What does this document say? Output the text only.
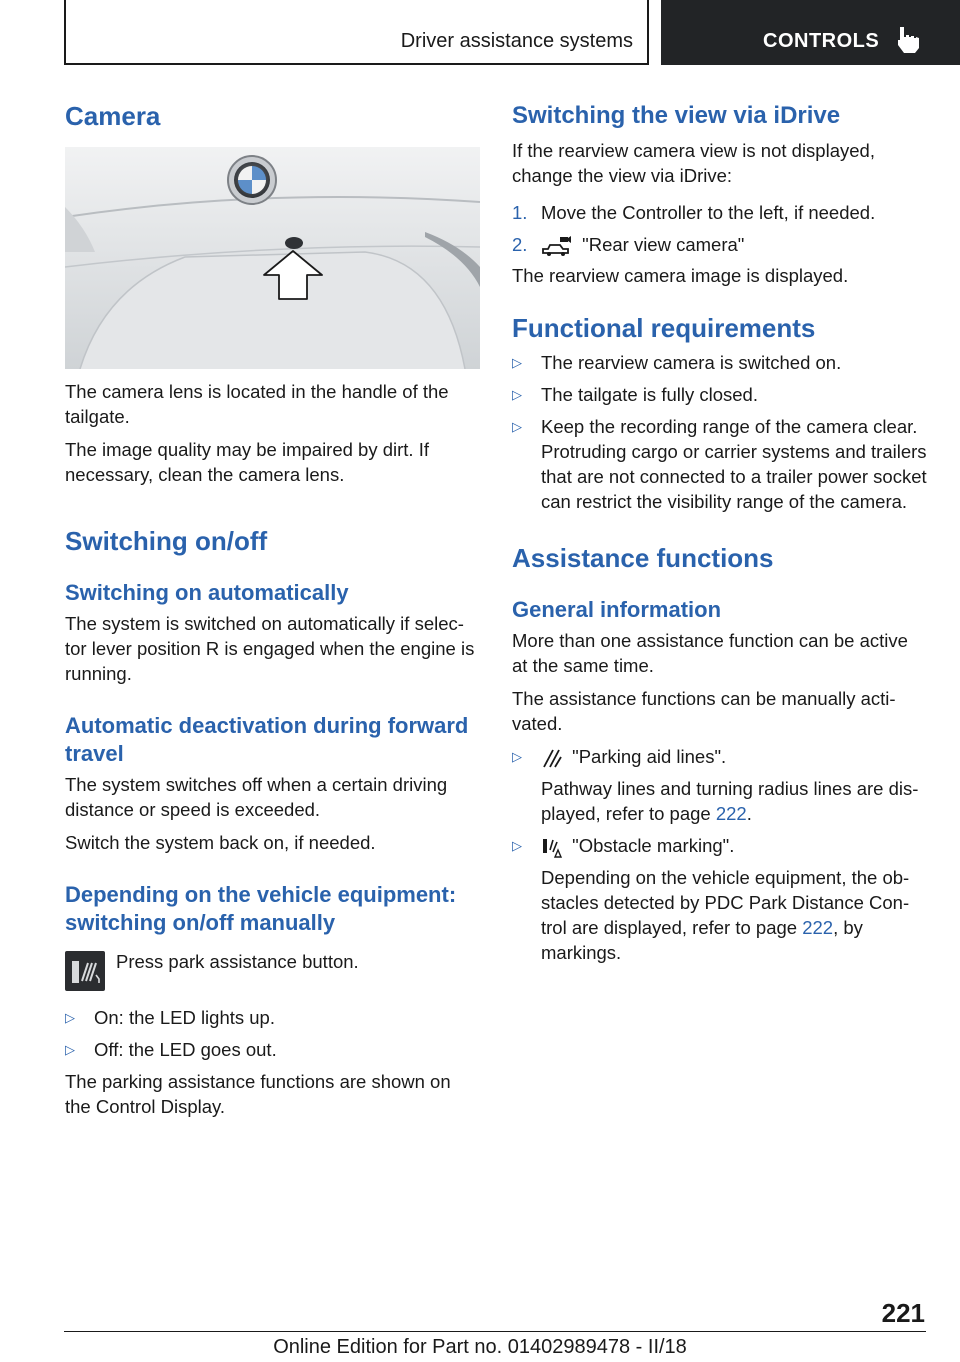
Driver assistance systems	CONTROLS
Camera

The camera lens is located in the handle of the tailgate.

The image quality may be impaired by dirt. If necessary, clean the camera lens.

Switching on/off
Switching on automatically

The system is switched on automatically if selec‐ tor lever position R is engaged when the engine is running.

Automatic deactivation during forward travel

The system switches off when a certain driving distance or speed is exceeded.

Switch the system back on, if needed.

Depending on the vehicle equipment: switching on/off manually
Press park assistance button.
▷ On: the LED lights up.
▷ Off: the LED goes out.

The parking assistance functions are shown on the Control Display.

Switching the view via iDrive

If the rearview camera view is not displayed, change the view via iDrive:

1. Move the Controller to the left, if needed.
2.	"Rear view camera"

The rearview camera image is displayed.

Functional requirements
▷ The rearview camera is switched on.
▷ The tailgate is fully closed.
▷ Keep the recording range of the camera clear. Protruding cargo or carrier systems and trailers that are not connected to a trailer power socket can restrict the visibility range of the camera.
Assistance functions
General information

More than one assistance function can be active at the same time.

The assistance functions can be manually acti‐ vated.

▷	"Parking aid lines".
Pathway lines and turning radius lines are dis‐ played, refer to page 222.
▷	"Obstacle marking".
Depending on the vehicle equipment, the ob‐ stacles detected by PDC Park Distance Con‐ trol are displayed, refer to page 222, by markings.
221
Online Edition for Part no. 01402989478 - II/18
